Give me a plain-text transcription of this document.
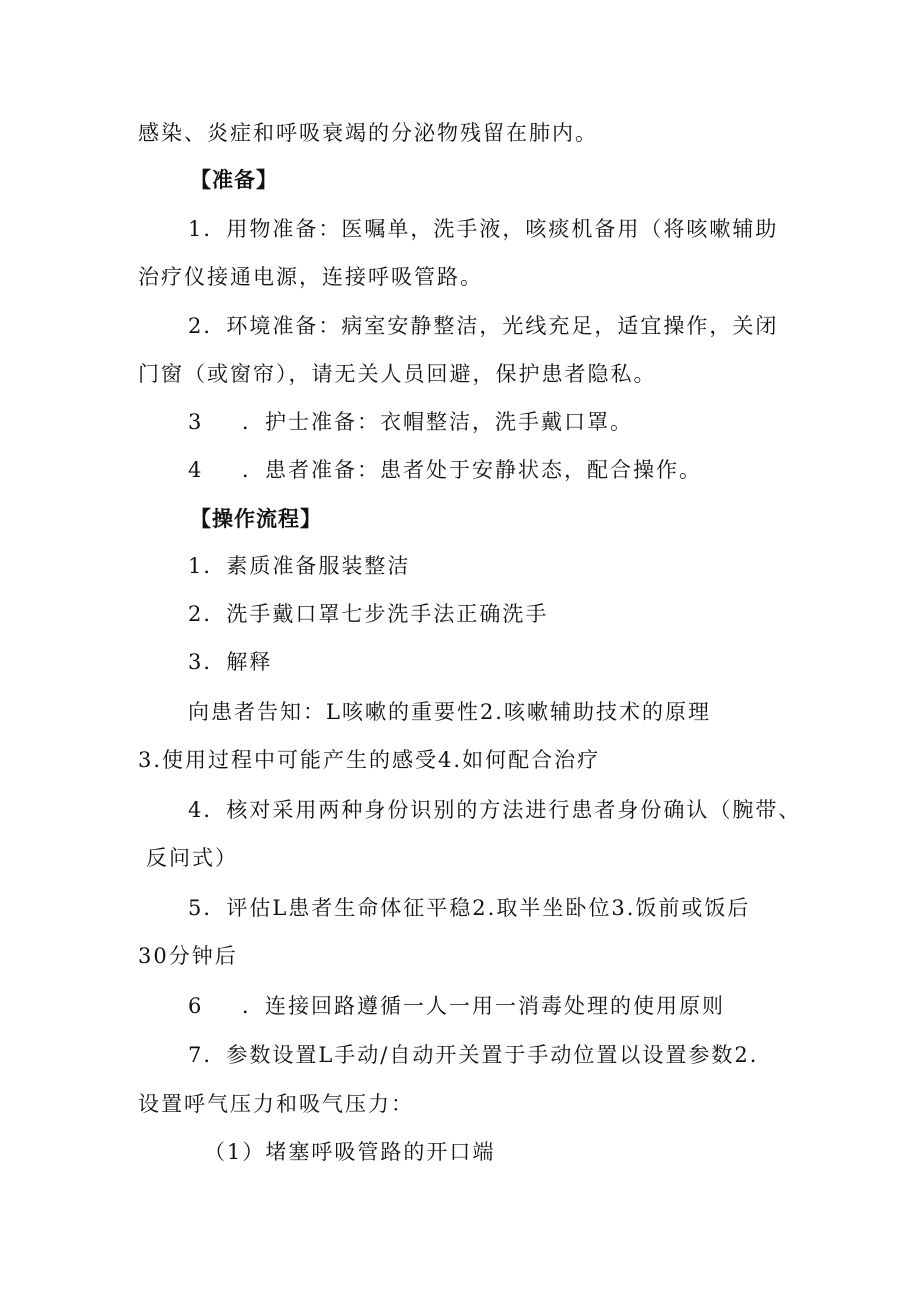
感染、炎症和呼吸衰竭的分泌物残留在肺内。
【准备】
1．用物准备：医嘱单，洗手液，咳痰机备用（将咳嗽辅助
治疗仪接通电源，连接呼吸管路。
2．环境准备：病室安静整洁，光线充足，适宜操作，关闭
门窗（或窗帘），请无关人员回避，保护患者隐私。
3 ．护士准备：衣帽整洁，洗手戴口罩。
4 ．患者准备：患者处于安静状态，配合操作。
【操作流程】
1．素质准备服装整洁
2．洗手戴口罩七步洗手法正确洗手
3．解释
向患者告知：L咳嗽的重要性2.咳嗽辅助技术的原理
3.使用过程中可能产生的感受4.如何配合治疗
4．核对采用两种身份识别的方法进行患者身份确认（腕带、
反问式）
5．评估L患者生命体征平稳2.取半坐卧位3.饭前或饭后
30分钟后
6 ．连接回路遵循一人一用一消毒处理的使用原则
7．参数设置L手动/自动开关置于手动位置以设置参数2.
设置呼气压力和吸气压力：
（1）堵塞呼吸管路的开口端
